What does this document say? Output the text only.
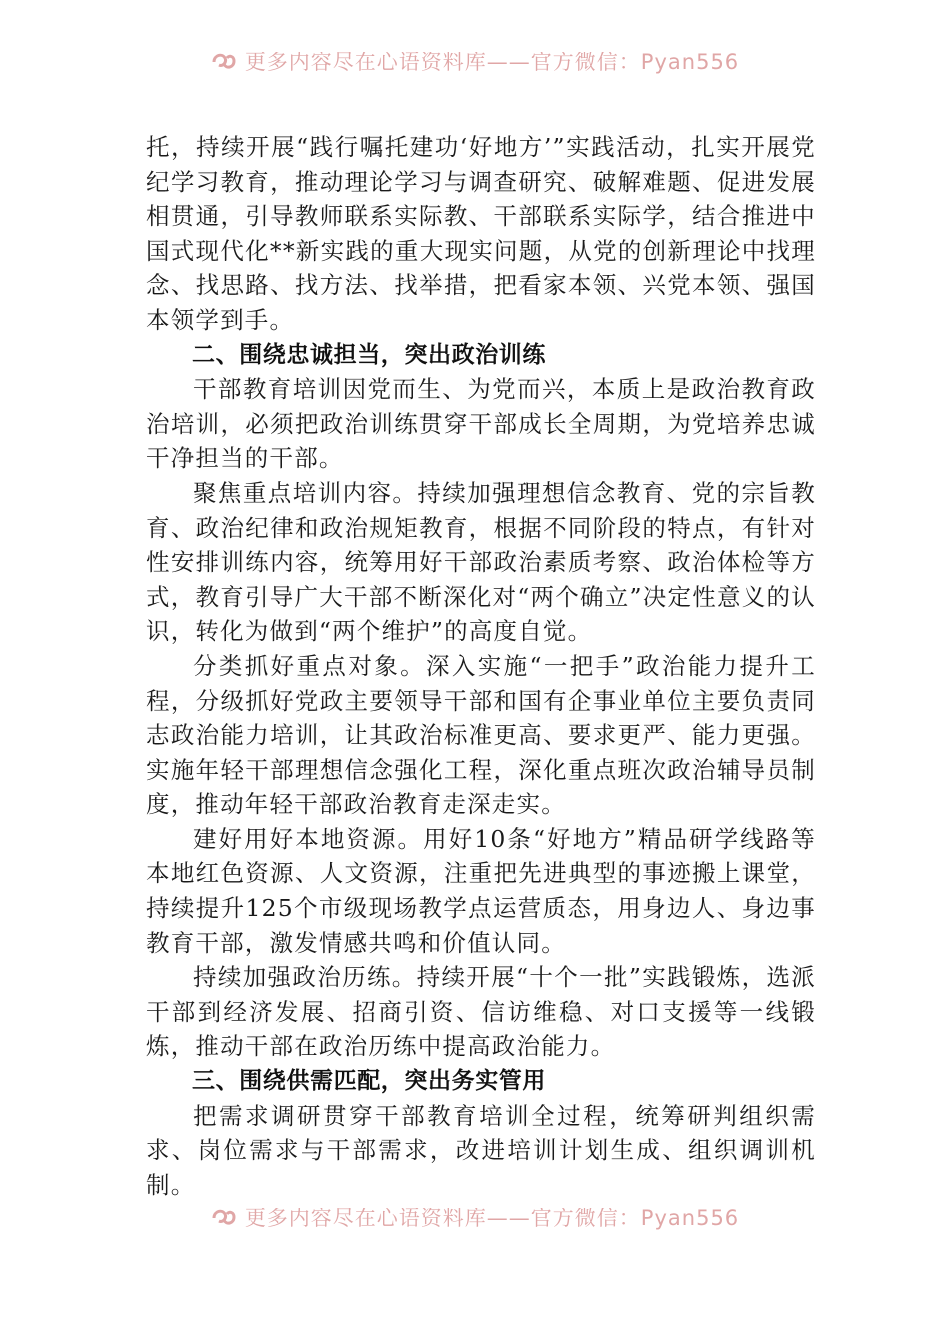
更多内容尽在心语资料库——官方微信：Pyan556

托，持续开展“践行嘱托建功‘好地方’”实践活动，扎实开展党纪学习教育，推动理论学习与调查研究、破解难题、促进发展相贯通，引导教师联系实际教、干部联系实际学，结合推进中国式现代化**新实践的重大现实问题，从党的创新理论中找理念、找思路、找方法、找举措，把看家本领、兴党本领、强国本领学到手。

二、围绕忠诚担当，突出政治训练

干部教育培训因党而生、为党而兴，本质上是政治教育政治培训，必须把政治训练贯穿干部成长全周期，为党培养忠诚干净担当的干部。

聚焦重点培训内容。持续加强理想信念教育、党的宗旨教育、政治纪律和政治规矩教育，根据不同阶段的特点，有针对性安排训练内容，统筹用好干部政治素质考察、政治体检等方式，教育引导广大干部不断深化对“两个确立”决定性意义的认识，转化为做到“两个维护”的高度自觉。

分类抓好重点对象。深入实施“一把手”政治能力提升工程，分级抓好党政主要领导干部和国有企事业单位主要负责同志政治能力培训，让其政治标准更高、要求更严、能力更强。实施年轻干部理想信念强化工程，深化重点班次政治辅导员制度，推动年轻干部政治教育走深走实。

建好用好本地资源。用好10条“好地方”精品研学线路等本地红色资源、人文资源，注重把先进典型的事迹搬上课堂，持续提升125个市级现场教学点运营质态，用身边人、身边事教育干部，激发情感共鸣和价值认同。

持续加强政治历练。持续开展“十个一批”实践锻炼，选派干部到经济发展、招商引资、信访维稳、对口支援等一线锻炼，推动干部在政治历练中提高政治能力。

三、围绕供需匹配，突出务实管用

把需求调研贯穿干部教育培训全过程，统筹研判组织需求、岗位需求与干部需求，改进培训计划生成、组织调训机制。

更多内容尽在心语资料库——官方微信：Pyan556
